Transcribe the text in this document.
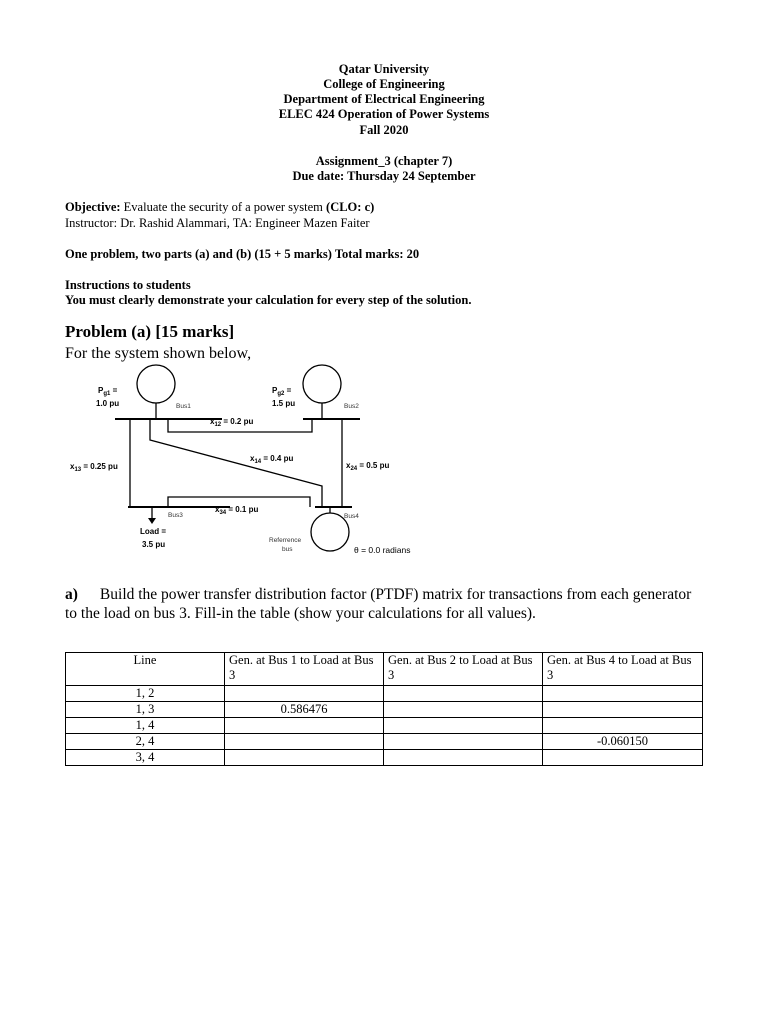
Qatar University
College of Engineering
Department of Electrical Engineering
ELEC 424 Operation of Power Systems
Fall 2020
Assignment_3 (chapter 7)
Due date: Thursday 24 September
Objective: Evaluate the security of a power system (CLO: c)
Instructor: Dr. Rashid Alammari, TA: Engineer Mazen Faiter
One problem, two parts (a) and (b) (15 + 5 marks) Total marks: 20
Instructions to students
You must clearly demonstrate your calculation for every step of the solution.
Problem (a) [15 marks]
For the system shown below,
$P_{g1}$ =
1.0 pu
$P_{g2}$ =
1.5 pu
$x_{12} = 0.2$ pu
$x_{14} = 0.4$ pu
$x_{13} = 0.25$ pu	$x_{24} = 0.5$ pu
$x_{34} = 0.1$ pu
Load =
3.5 pu
Bus1	Bus2
Bus3	Bus4
Referrence
bus	θ = 0.0 radians
a) Build the power transfer distribution factor (PTDF) matrix for transactions from each generator to the load on bus 3. Fill-in the table (show your calculations for all values).
Line	Gen. at Bus 1 to Load at Bus 3	Gen. at Bus 2 to Load at Bus 3	Gen. at Bus 4 to Load at Bus 3
1, 2			
1, 3	0.586476		
1, 4			
2, 4			-0.060150
3, 4			
